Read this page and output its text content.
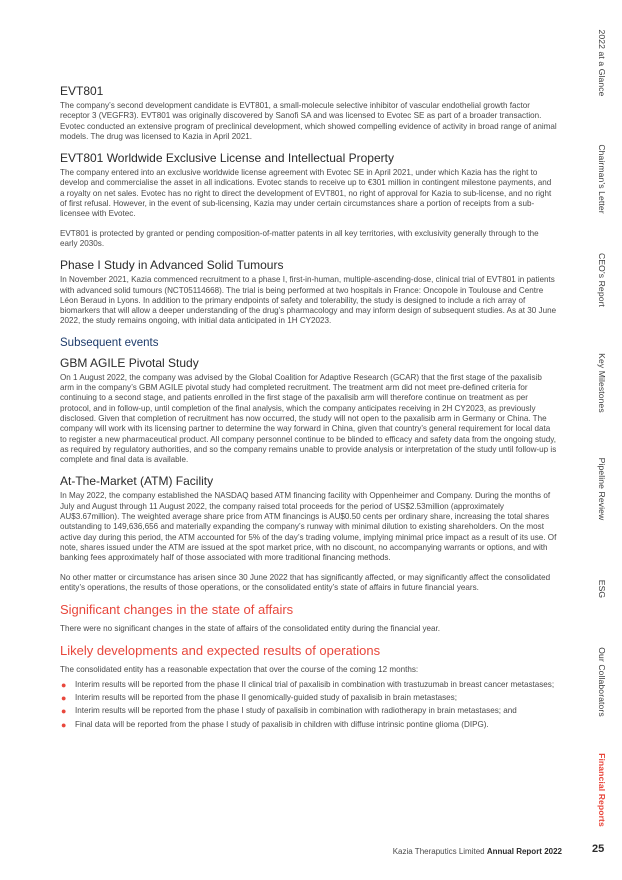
EVT801

The company’s second development candidate is EVT801, a small-molecule selective inhibitor of vascular endothelial growth factor receptor 3 (VEGFR3). EVT801 was originally discovered by Sanofi SA and was licensed to Evotec SE as part of a broader transaction. Evotec conducted an extensive program of preclinical development, which showed compelling evidence of activity in broad range of animal models. The drug was licensed to Kazia in April 2021.

EVT801 Worldwide Exclusive License and Intellectual Property

The company entered into an exclusive worldwide license agreement with Evotec SE in April 2021, under which Kazia has the right to develop and commercialise the asset in all indications. Evotec stands to receive up to €301 million in contingent milestone payments, and a royalty on net sales. Evotec has no right to direct the development of EVT801, no right of approval for Kazia to sub-license, and no right of first refusal. However, in the event of sub-licensing, Kazia may under certain circumstances share a portion of receipts from a sub-licensee with Evotec.

EVT801 is protected by granted or pending composition-of-matter patents in all key territories, with exclusivity generally through to the early 2030s.

Phase I Study in Advanced Solid Tumours

In November 2021, Kazia commenced recruitment to a phase I, first-in-human, multiple-ascending-dose, clinical trial of EVT801 in patients with advanced solid tumours (NCT05114668). The trial is being performed at two hospitals in France: Oncopole in Toulouse and Centre Léon Beraud in Lyons. In addition to the primary endpoints of safety and tolerability, the study is designed to include a rich array of biomarkers that will allow a deeper understanding of the drug’s pharmacology and may inform design of subsequent studies. As at 30 June 2022, the study remains ongoing, with initial data anticipated in 1H CY2023.

Subsequent events
GBM AGILE Pivotal Study

On 1 August 2022, the company was advised by the Global Coalition for Adaptive Research (GCAR) that the first stage of the paxalisib arm in the company’s GBM AGILE pivotal study had completed recruitment. The treatment arm did not meet pre-defined criteria for continuing to a second stage, and patients enrolled in the first stage of the paxalisib arm will therefore continue on treatment as per protocol, and in follow-up, until completion of the final analysis, which the company anticipates receiving in 2H CY2023, as previously disclosed. Given that completion of recruitment has now occurred, the study will not open to the paxalisib arm in Germany or China. The company will work with its licensing partner to determine the way forward in China, given that country’s general requirement for local data to register a new pharmaceutical product. All company personnel continue to be blinded to efficacy and safety data from the ongoing study, as required by regulatory authorities, and so the company remains unable to provide analysis or interpretation of the study until follow-up is complete and final data is available.

At-The-Market (ATM) Facility

In May 2022, the company established the NASDAQ based ATM financing facility with Oppenheimer and Company. During the months of July and August through 11 August 2022, the company raised total proceeds for the period of US$2.53million (approximately AU$3.67million). The weighted average share price from ATM financings is AU$0.50 cents per ordinary share, increasing the total shares outstanding to 149,636,656 and materially expanding the company’s runway with minimal dilution to existing shareholders. On the most active day during this period, the ATM accounted for 5% of the day’s trading volume, implying minimal price impact as a result of its use. Of note, shares issued under the ATM are issued at the spot market price, with no discount, no accompanying warrants or options, and with banking fees approximately half of those associated with more traditional financing methods.

No other matter or circumstance has arisen since 30 June 2022 that has significantly affected, or may significantly affect the consolidated entity’s operations, the results of those operations, or the consolidated entity’s state of affairs in future financial years.

Significant changes in the state of affairs

There were no significant changes in the state of affairs of the consolidated entity during the financial year.

Likely developments and expected results of operations

The consolidated entity has a reasonable expectation that over the course of the coming 12 months:

● Interim results will be reported from the phase II clinical trial of paxalisib in combination with trastuzumab in breast cancer metastases;
● Interim results will be reported from the phase II genomically-guided study of paxalisib in brain metastases;
● Interim results will be reported from the phase I study of paxalisib in combination with radiotherapy in brain metastases; and
● Final data will be reported from the phase I study of paxalisib in children with diffuse intrinsic pontine glioma (DIPG).
2022 at a Glance
Chairman’s Letter
CEO’s Report
Key Milestones
Pipeline Review
ESG
Our Collaborators
Financial Reports
Kazia Theraputics Limited Annual Report 2022	25
